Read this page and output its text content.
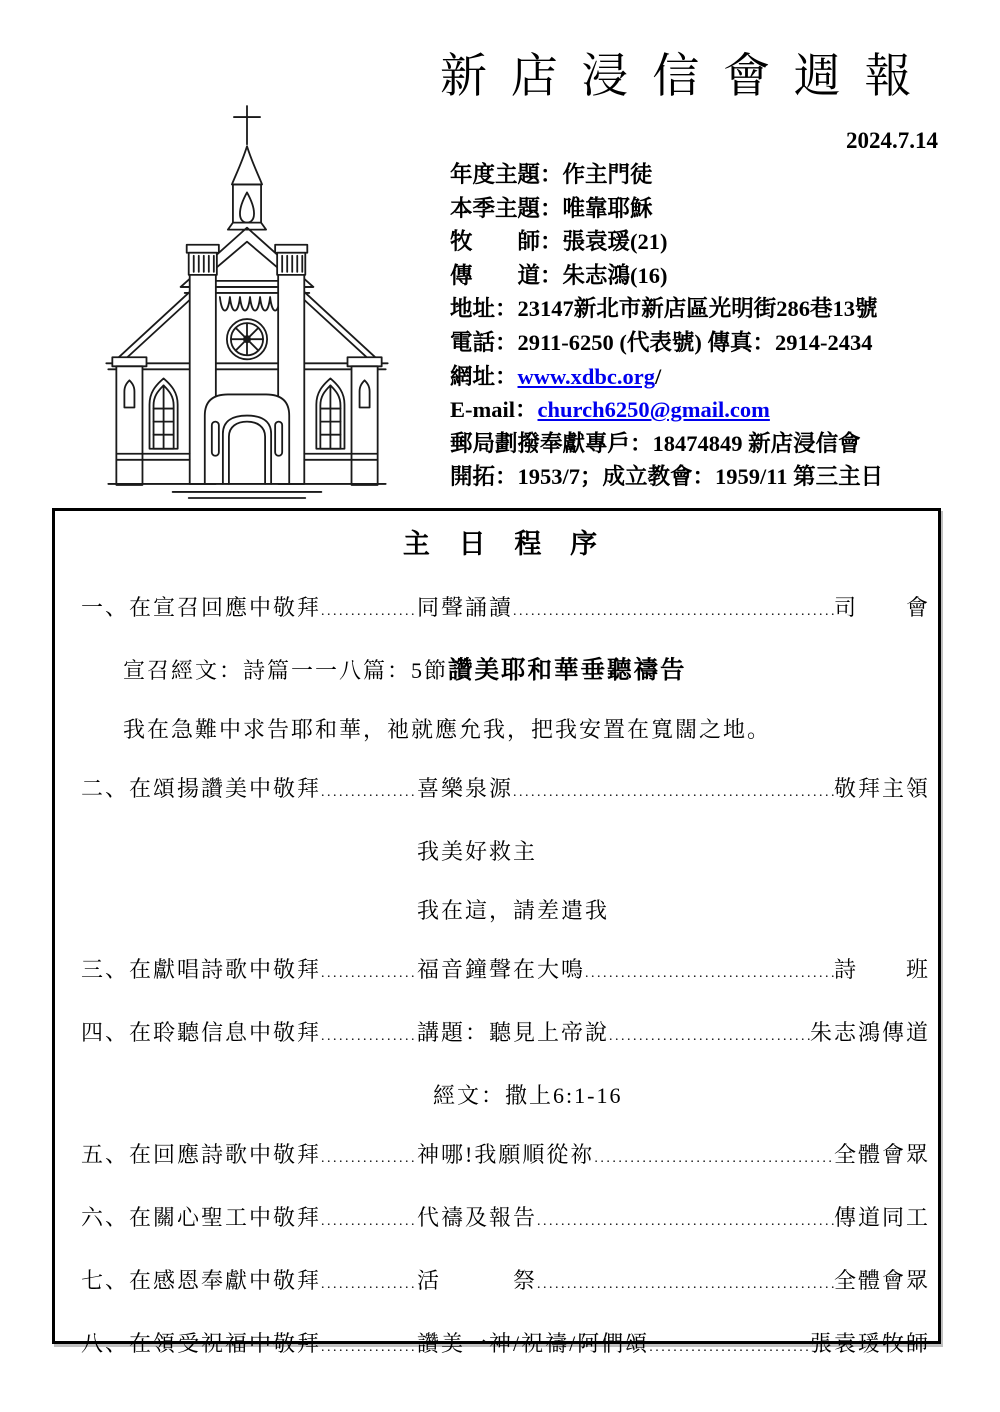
新 店 浸 信 會 週 報
2024.7.14
年度主題：作主門徒
本季主題：唯靠耶穌
牧　　師：張袁瑗(21)
傳　　道：朱志鴻(16)
地址：23147新北市新店區光明街286巷13號
電話：2911-6250 (代表號) 傳真：2914-2434
網址：www.xdbc.org/
E-mail：church6250@gmail.com
郵局劃撥奉獻專戶：18474849 新店浸信會
開拓：1953/7；成立教會：1959/11 第三主日
主 日 程 序
一、在宣召回應中敬拜 .....	同聲誦讀 .....	司　　會
宣召經文：詩篇一一八篇：5節讚美耶和華垂聽禱告
我在急難中求告耶和華，祂就應允我，把我安置在寬闊之地。
二、在頌揚讚美中敬拜 .....	喜樂泉源 .....	敬拜主領
我美好救主
我在這，請差遣我
三、在獻唱詩歌中敬拜 .....	福音鐘聲在大鳴 .....	詩　　班
四、在聆聽信息中敬拜 .....	講題：聽見上帝說 .....	朱志鴻傳道
經文：撒上6:1-16
五、在回應詩歌中敬拜 .....	神哪!我願順從祢 .....	全體會眾
六、在關心聖工中敬拜 .....	代禱及報告 .....	傳道同工
七、在感恩奉獻中敬拜 .....	活　　　祭 .....	全體會眾
八、在領受祝福中敬拜 .....	讚美一神/祝禱/阿們頌 .....	張袁瑗牧師
